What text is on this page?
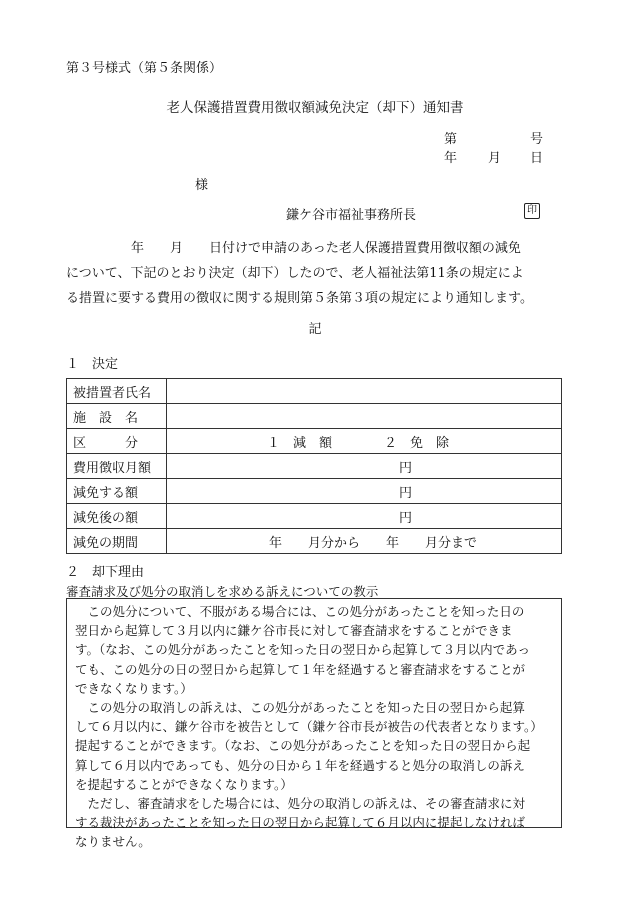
第３号様式（第５条関係）
老人保護措置費用徴収額減免決定（却下）通知書
第	号
年 月 日
様
鎌ケ谷市福祉事務所長	印
　　　　　年　　月　　日付けで申請のあった老人保護措置費用徴収額の減免
について、下記のとおり決定（却下）したので、老人福祉法第11条の規定によ
る措置に要する費用の徴収に関する規則第５条第３項の規定により通知します。
記
１　決定
被措置者氏名	
施　設　名	
区　　　分	１　減　額　　　　２　免　除
費用徴収月額	円
減免する額	円
減免後の額	円
減免の期間	年　　月分から　　年　　月分まで
２　却下理由
審査請求及び処分の取消しを求める訴えについての教示
　この処分について、不服がある場合には、この処分があったことを知った日の
翌日から起算して３月以内に鎌ケ谷市長に対して審査請求をすることができま
す。（なお、この処分があったことを知った日の翌日から起算して３月以内であっ
ても、この処分の日の翌日から起算して１年を経過すると審査請求をすることが
できなくなります。）
　この処分の取消しの訴えは、この処分があったことを知った日の翌日から起算
して６月以内に、鎌ケ谷市を被告として（鎌ケ谷市長が被告の代表者となります。）
提起することができます。（なお、この処分があったことを知った日の翌日から起
算して６月以内であっても、処分の日から１年を経過すると処分の取消しの訴え
を提起することができなくなります。）
　ただし、審査請求をした場合には、処分の取消しの訴えは、その審査請求に対
する裁決があったことを知った日の翌日から起算して６月以内に提起しなければ
なりません。
